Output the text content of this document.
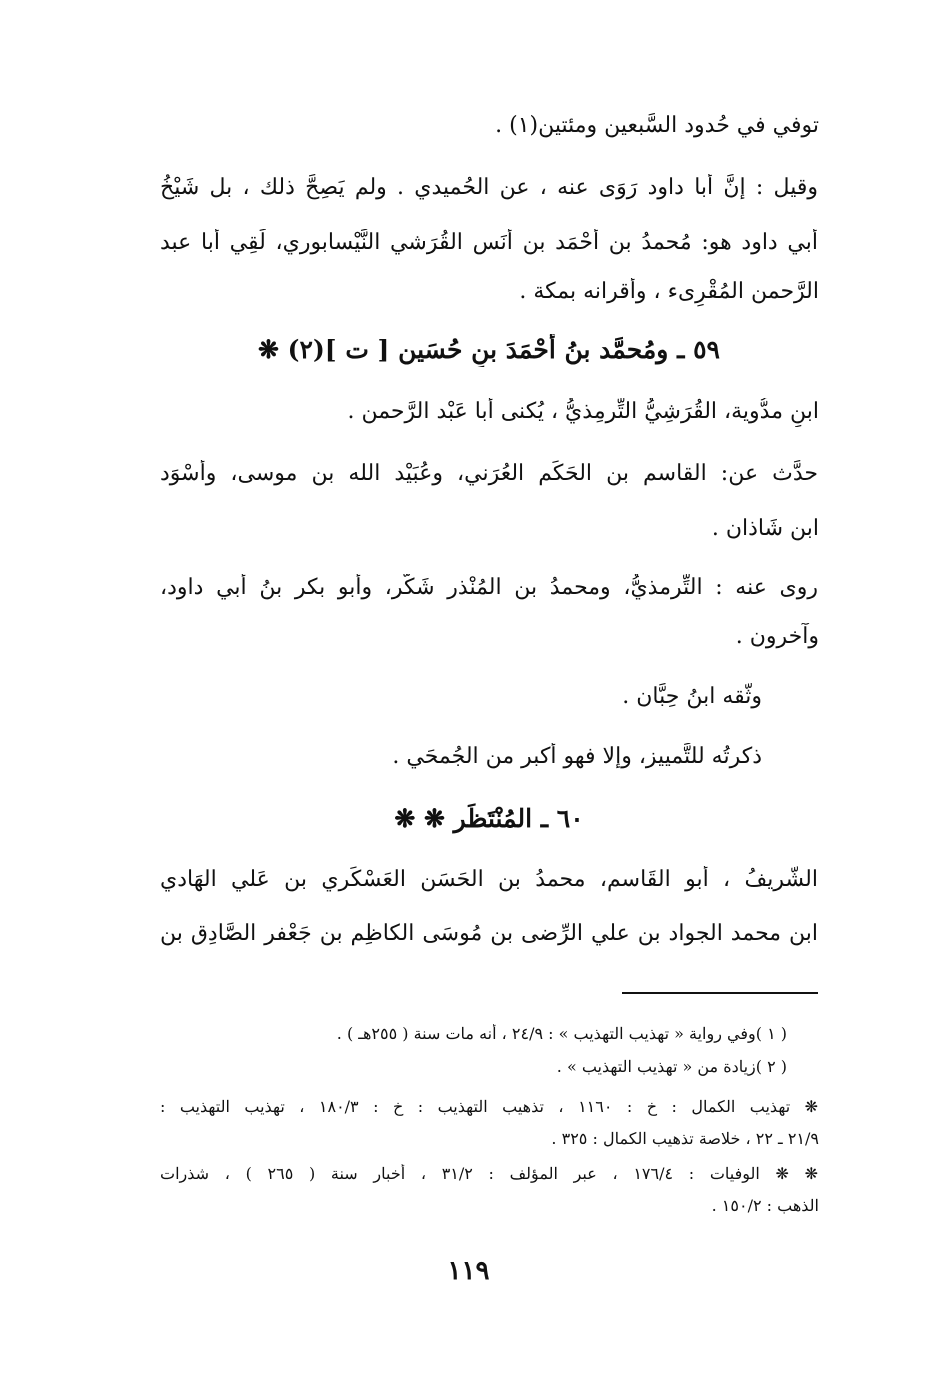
توفي في حُدود السَّبعين ومئتين(١) .
وقيل : إنَّ أبا داود رَوَى عنه ، عن الحُميدي . ولم يَصِحَّ ذلك ، بل شَيْخُ
أبي داود هو: مُحمدُ بن أحْمَد بن أَنَس القُرَشي النَّيْسابوري، لَقِي أبا عبد
الرَّحمن المُقْرِىء ، وأقرانه بمكة .
٥٩ ـ ومُحمَّد بنُ أحْمَدَ بنِ حُسَين [ ت ](٢) ❋
ابنِ مدُّوية، القُرَشِيُّ التِّرمِذيُّ ، يُكنى أبا عَبْد الرَّحمن .
حدَّث عن: القاسم بن الحَكَم العُرَني، وعُبَيْد الله بن موسى، وأسْوَد
ابن شَاذان .
روى عنه : التِّرمذيُّ، ومحمدُ بن المُنْذر شَكَّر، وأبو بكر بنُ أبي داود،
وآخرون .
وثَّقه ابنُ حِبَّان .
ذكرتُه للتَّمييز، وإلا فهو أكبر من الجُمحَي .
٦٠ ـ المُنْتَظَر ❋ ❋
الشَّريفُ ، أبو القَاسم، محمدُ بن الحَسَن العَسْكَري بن عَلي الهَادي
ابن محمد الجواد بن علي الرِّضى بن مُوسَى الكاظِم بن جَعْفر الصَّادِق بن
( ١ )وفي رواية « تهذيب التهذيب » : ٢٤/٩ ، أنه مات سنة ( ٢٥٥هـ ) .
( ٢ )زيادة من « تهذيب التهذيب » .
❋ تهذيب الكمال : خ : ١١٦٠ ، تذهيب التهذيب : خ : ١٨٠/٣ ، تهذيب التهذيب :
٢١/٩ ـ ٢٢ ، خلاصة تذهيب الكمال : ٣٢٥ .
❋ ❋ الوفيات : ١٧٦/٤ ، عبر المؤلف : ٣١/٢ ، أخبار سنة ( ٢٦٥ ) ، شذرات
الذهب : ١٥٠/٢ .
١١٩
